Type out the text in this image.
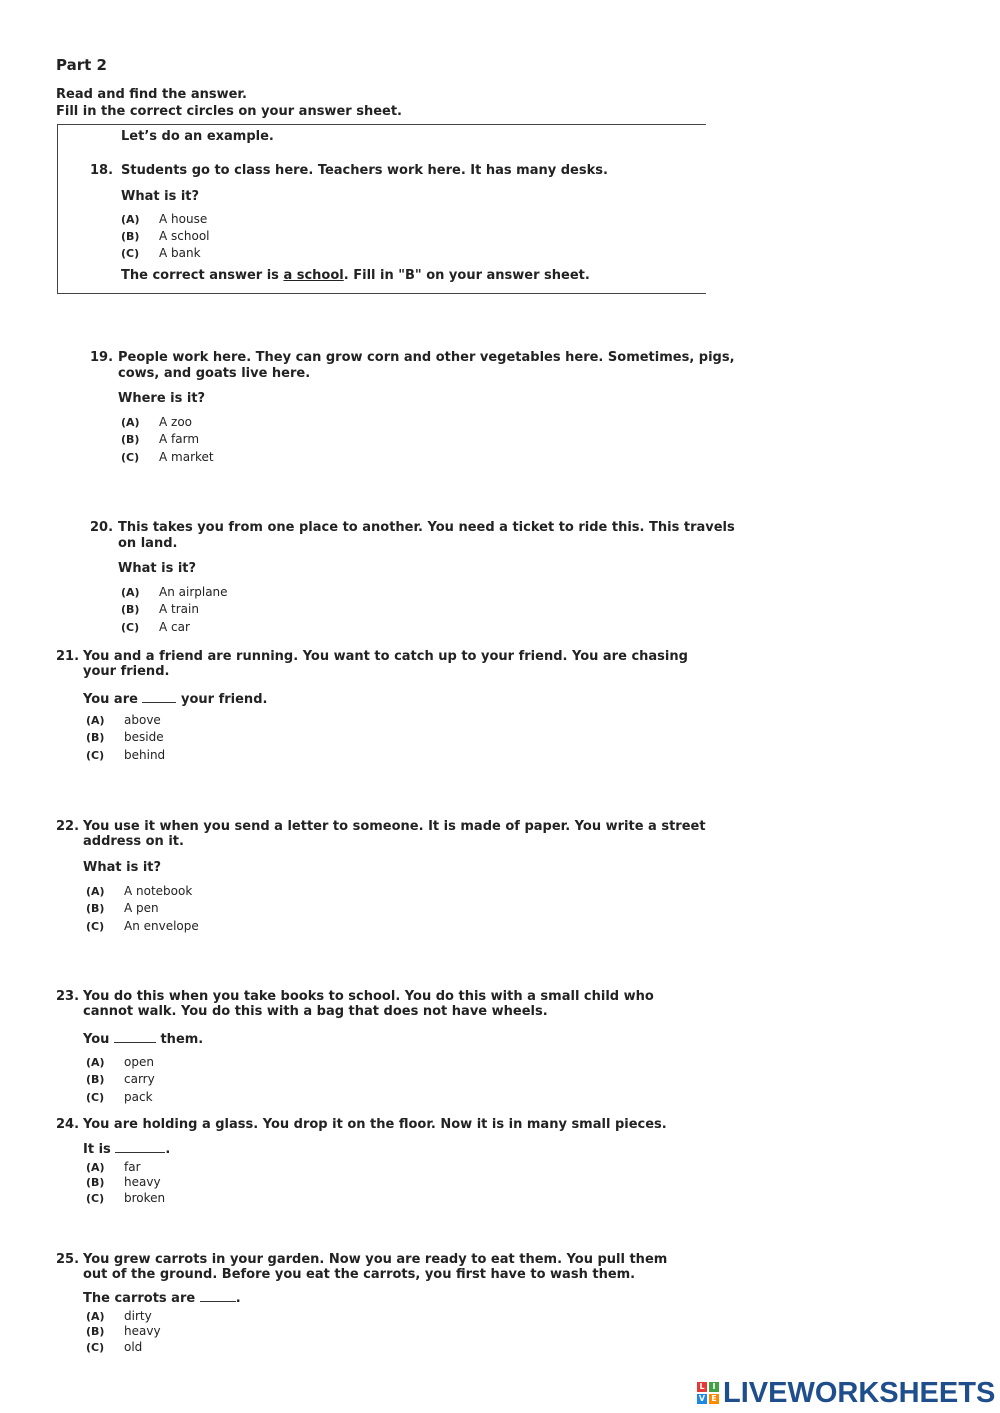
Part 2
Read and find the answer.
Fill in the correct circles on your answer sheet.
Let’s do an example.
18. Students go to class here. Teachers work here. It has many desks.
What is it?
(A) A house
(B) A school
(C) A bank
The correct answer is a school. Fill in "B" on your answer sheet.
19. People work here. They can grow corn and other vegetables here. Sometimes, pigs,
cows, and goats live here.
Where is it?
(A) A zoo
(B) A farm
(C) A market
20. This takes you from one place to another. You need a ticket to ride this. This travels
on land.
What is it?
(A) An airplane
(B) A train
(C) A car
21. You and a friend are running. You want to catch up to your friend. You are chasing
your friend.
You are	your friend.
(A) above
(B) beside
(C) behind
22. You use it when you send a letter to someone. It is made of paper. You write a street
address on it.
What is it?
(A) A notebook
(B) A pen
(C) An envelope
23. You do this when you take books to school. You do this with a small child who
cannot walk. You do this with a bag that does not have wheels.
You	them.
(A) open
(B) carry
(C) pack
24. You are holding a glass. You drop it on the floor. Now it is in many small pieces.
It is	.
(A) far
(B) heavy
(C) broken
25. You grew carrots in your garden. Now you are ready to eat them. You pull them
out of the ground. Before you eat the carrots, you first have to wash them.
The carrots are	.
(A) dirty
(B) heavy
(C) old
L I
V E LIVEWORKSHEETS
